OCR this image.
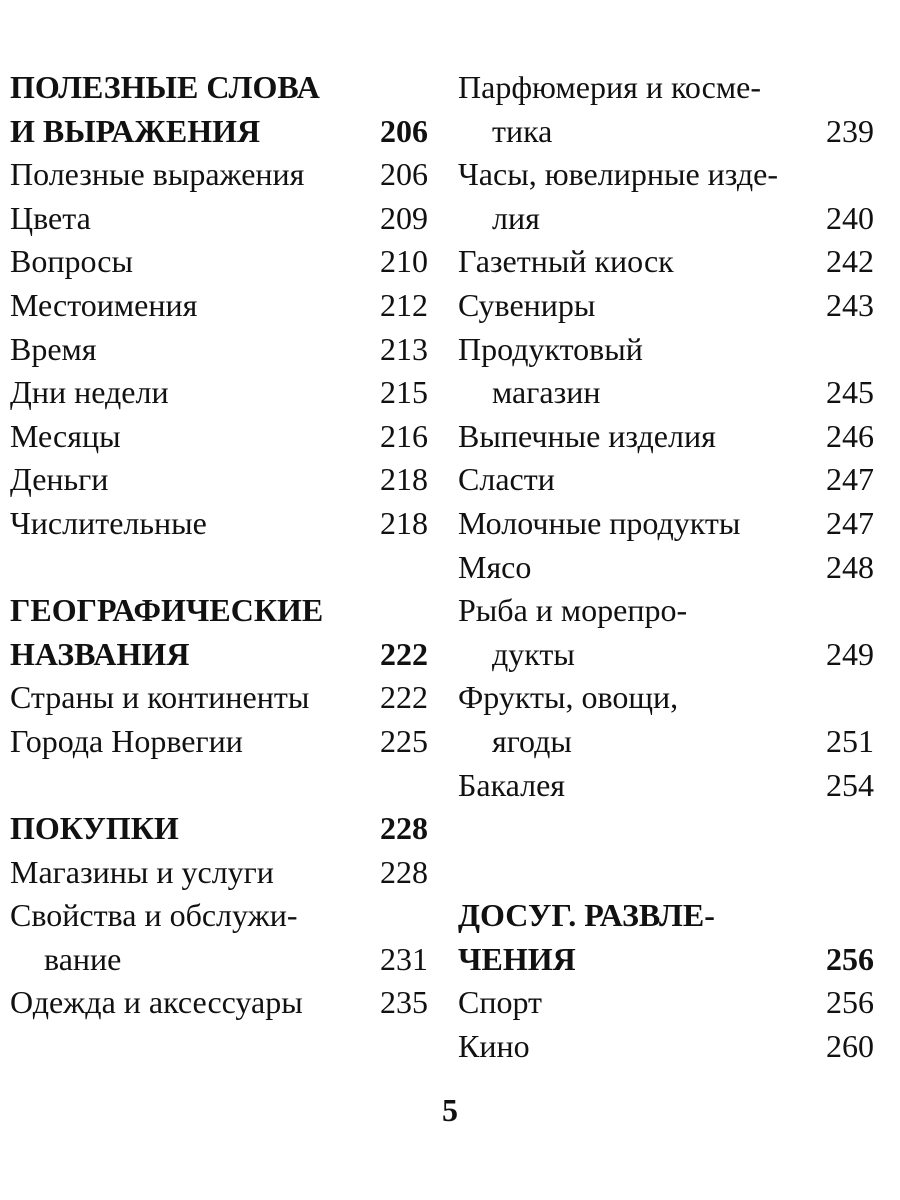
ПОЛЕЗНЫЕ СЛОВА
И ВЫРАЖЕНИЯ	206
Полезные выражения 206
Цвета	209
Вопросы	210
Местоимения	212
Время	213
Дни недели	215
Месяцы	216
Деньги	218
Числительные	218
ГЕОГРАФИЧЕСКИЕ
НАЗВАНИЯ	222
Страны и континенты 222
Города Норвегии	225
ПОКУПКИ	228
Магазины и услуги	228
Свойства и обслужи-
вание	231
Одежда и аксессуары 235
Парфюмерия и косме-
тика	239
Часы, ювелирные изде-
лия	240
Газетный киоск	242
Сувениры	243
Продуктовый
магазин	245
Выпечные изделия	246
Сласти	247
Молочные продукты	247
Мясо	248
Рыба и морепро-
дукты	249
Фрукты, овощи,
ягоды	251
Бакалея	254
ДОСУГ. РАЗВЛЕ-
ЧЕНИЯ	256
Спорт	256
Кино	260
5
